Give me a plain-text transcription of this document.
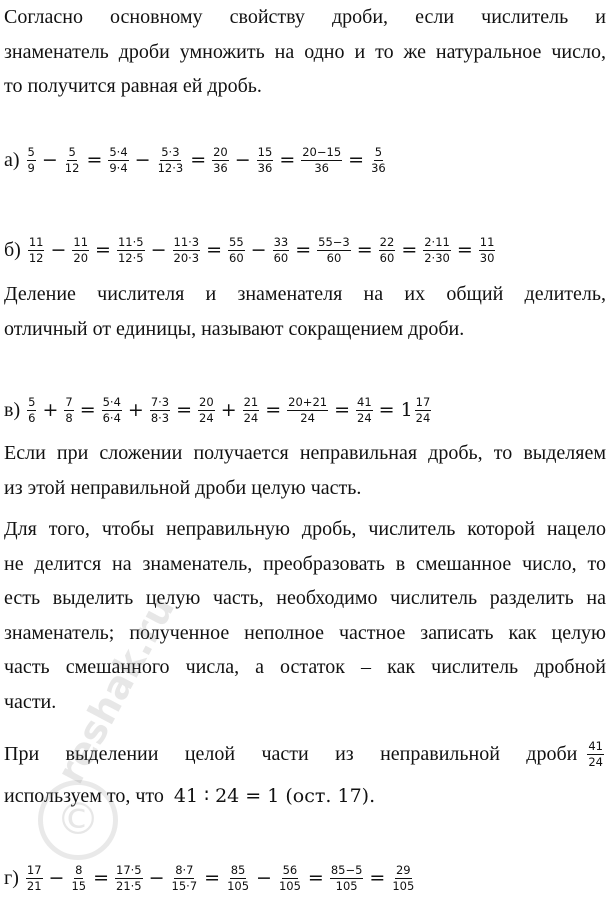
Согласно основному свойству дроби, если числитель и
знаменатель дроби умножить на одно и то же натуральное число,
то получится равная ей дробь.
$а) \frac{5}{9} - \frac{5}{12} = \frac{5\cdot 4}{9\cdot 4} - \frac{5\cdot 3}{12\cdot 3} = \frac{20}{36} - \frac{15}{36} = \frac{20-15}{36} = \frac{5}{36}$
$б) \frac{11}{12} - \frac{11}{20} = \frac{11\cdot 5}{12\cdot 5} - \frac{11\cdot 3}{20\cdot 3} = \frac{55}{60} - \frac{33}{60} = \frac{55-3}{60} = \frac{22}{60} = \frac{2\cdot 11}{2\cdot 30} = \frac{11}{30}$
Деление числителя и знаменателя на их общий делитель,
отличный от единицы, называют сокращением дроби.
$в) \frac{5}{6} + \frac{7}{8} = \frac{5\cdot 4}{6\cdot 4} + \frac{7\cdot 3}{8\cdot 3} = \frac{20}{24} + \frac{21}{24} = \frac{20+21}{24} = \frac{41}{24} = 1 \frac{17}{24}$
Если при сложении получается неправильная дробь, то выделяем
из этой неправильной дроби целую часть.
Для того, чтобы неправильную дробь, числитель которой нацело
не делится на знаменатель, преобразовать в смешанное число, то
есть выделить целую часть, необходимо числитель разделить на
знаменатель; полученное неполное частное записать как целую
часть смешанного числа, а остаток – как числитель дробной
части.
При выделении целой части из неправильной дроби $\frac{41}{24}$
используем то, что 41 ∶ 24 = 1 (ост. 17).
$г) \frac{17}{21} - \frac{8}{15} = \frac{17\cdot 5}{21\cdot 5} - \frac{8\cdot 7}{15\cdot 7} = \frac{85}{105} - \frac{56}{105} = \frac{85-5}{105} = \frac{29}{105}$
©
reshak.ru
